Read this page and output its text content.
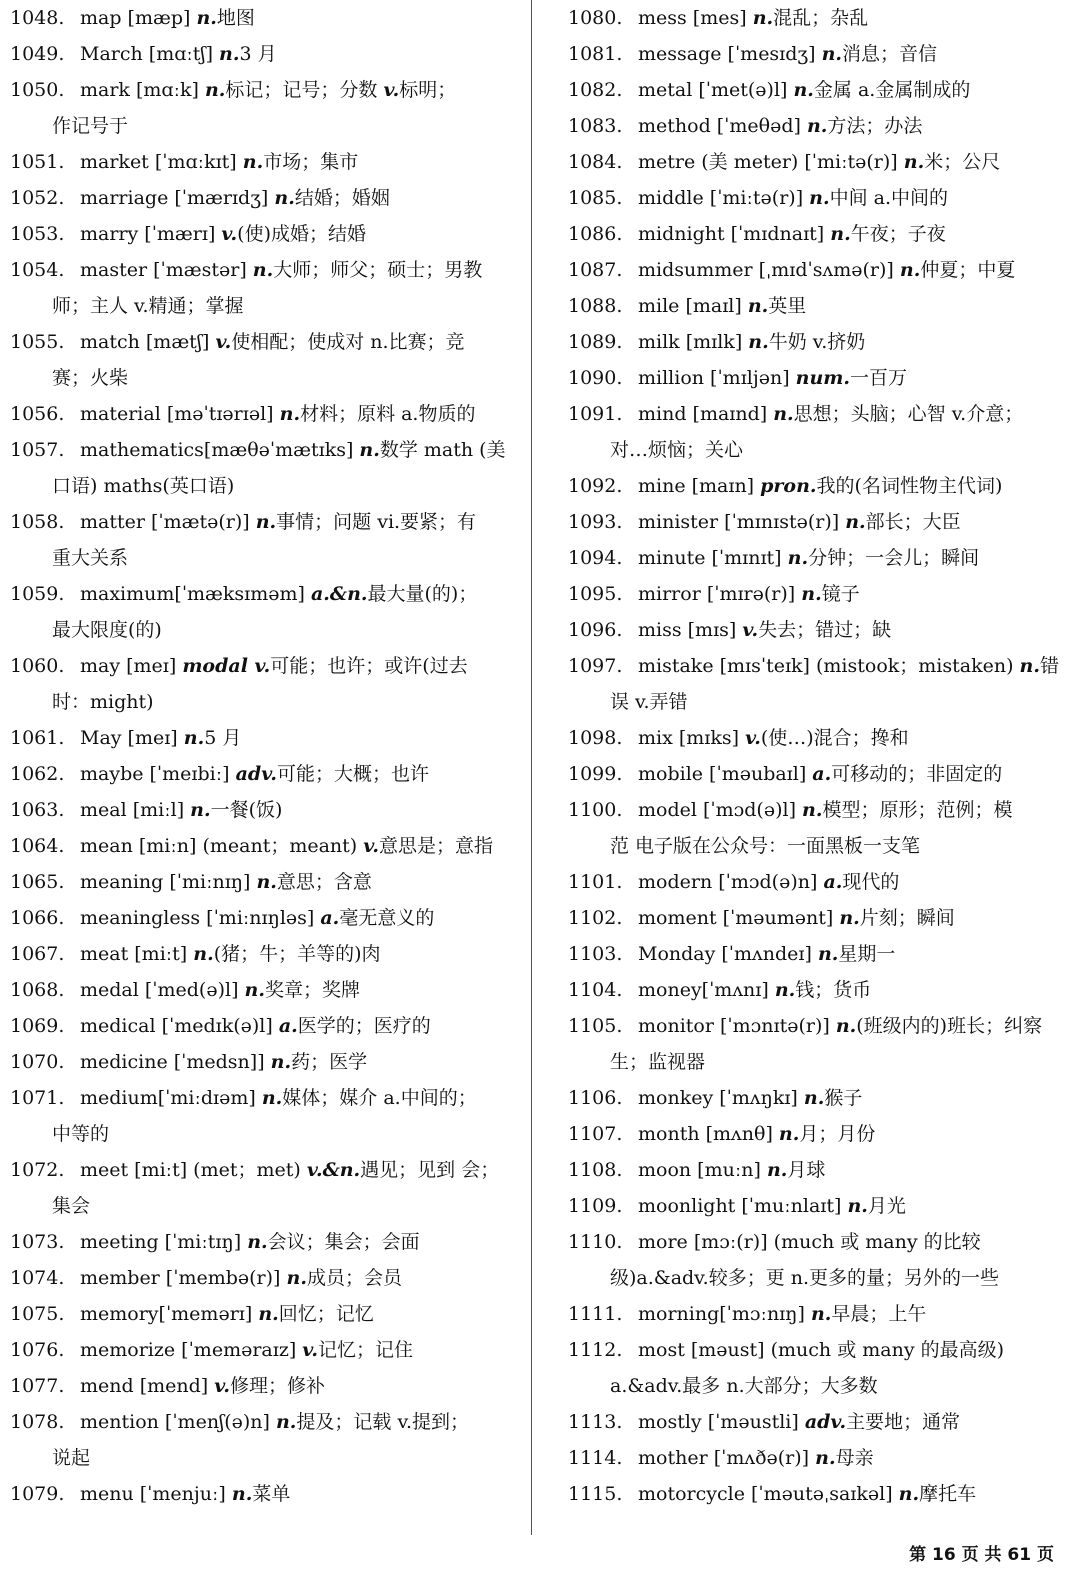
1048. map [mæp] n.地图
1049. March [mɑːtʃ] n.3 月
1050. mark [mɑːk] n.标记；记号；分数 v.标明；
作记号于
1051. market [ˈmɑːkɪt] n.市场；集市
1052. marriage [ˈmærɪdʒ] n.结婚；婚姻
1053. marry [ˈmærɪ] v.(使)成婚；结婚
1054. master [ˈmæstər] n.大师；师父；硕士；男教
师；主人 v.精通；掌握
1055. match [mætʃ] v.使相配；使成对 n.比赛；竞
赛；火柴
1056. material [məˈtɪərɪəl] n.材料；原料 a.物质的
1057. mathematics[mæθəˈmætɪks] n.数学 math (美
口语) maths(英口语)
1058. matter [ˈmætə(r)] n.事情；问题 vi.要紧；有
重大关系
1059. maximum[ˈmæksɪməm] a.&n.最大量(的)；
最大限度(的)
1060. may [meɪ] modal v.可能；也许；或许(过去
时：might)
1061. May [meɪ] n.5 月
1062. maybe [ˈmeɪbiː] adv.可能；大概；也许
1063. meal [miːl] n.一餐(饭)
1064. mean [miːn] (meant；meant) v.意思是；意指
1065. meaning [ˈmiːnɪŋ] n.意思；含意
1066. meaningless [ˈmiːnɪŋləs] a.毫无意义的
1067. meat [miːt] n.(猪；牛；羊等的)肉
1068. medal [ˈmed(ə)l] n.奖章；奖牌
1069. medical [ˈmedɪk(ə)l] a.医学的；医疗的
1070. medicine [ˈmedsn]] n.药；医学
1071. medium[ˈmiːdɪəm] n.媒体；媒介 a.中间的；
中等的
1072. meet [miːt] (met；met) v.&n.遇见；见到 会；
集会
1073. meeting [ˈmiːtɪŋ] n.会议；集会；会面
1074. member [ˈmembə(r)] n.成员；会员
1075. memory[ˈmemərɪ] n.回忆；记忆
1076. memorize [ˈmeməraɪz] v.记忆；记住
1077. mend [mend] v.修理；修补
1078. mention [ˈmenʃ(ə)n] n.提及；记载 v.提到；
说起
1079. menu [ˈmenjuː] n.菜单
1080. mess [mes] n.混乱；杂乱
1081. message [ˈmesɪdʒ] n.消息；音信
1082. metal [ˈmet(ə)l] n.金属 a.金属制成的
1083. method [ˈmeθəd] n.方法；办法
1084. metre (美 meter) [ˈmiːtə(r)] n.米；公尺
1085. middle [ˈmiːtə(r)] n.中间 a.中间的
1086. midnight [ˈmɪdnaɪt] n.午夜；子夜
1087. midsummer [ˌmɪdˈsʌmə(r)] n.仲夏；中夏
1088. mile [maɪl] n.英里
1089. milk [mɪlk] n.牛奶 v.挤奶
1090. million [ˈmɪljən] num.一百万
1091. mind [maɪnd] n.思想；头脑；心智 v.介意；
对…烦恼；关心
1092. mine [maɪn] pron.我的(名词性物主代词)
1093. minister [ˈmɪnɪstə(r)] n.部长；大臣
1094. minute [ˈmɪnɪt] n.分钟；一会儿；瞬间
1095. mirror [ˈmɪrə(r)] n.镜子
1096. miss [mɪs] v.失去；错过；缺
1097. mistake [mɪsˈteɪk] (mistook；mistaken) n.错
误 v.弄错
1098. mix [mɪks] v.(使…)混合；搀和
1099. mobile [ˈməubaɪl] a.可移动的；非固定的
1100. model [ˈmɔd(ə)l] n.模型；原形；范例；模
范 电子版在公众号：一面黑板一支笔
1101. modern [ˈmɔd(ə)n] a.现代的
1102. moment [ˈməumənt] n.片刻；瞬间
1103. Monday [ˈmʌndeɪ] n.星期一
1104. money[ˈmʌnɪ] n.钱；货币
1105. monitor [ˈmɔnɪtə(r)] n.(班级内的)班长；纠察
生；监视器
1106. monkey [ˈmʌŋkɪ] n.猴子
1107. month [mʌnθ] n.月；月份
1108. moon [muːn] n.月球
1109. moonlight [ˈmuːnlaɪt] n.月光
1110. more [mɔː(r)] (much 或 many 的比较
级)a.&adv.较多；更 n.更多的量；另外的一些
1111. morning[ˈmɔːnɪŋ] n.早晨；上午
1112. most [məust] (much 或 many 的最高级)
a.&adv.最多 n.大部分；大多数
1113. mostly [ˈməustli] adv.主要地；通常
1114. mother [ˈmʌðə(r)] n.母亲
1115. motorcycle [ˈməutəˌsaɪkəl] n.摩托车
第 16 页 共 61 页
